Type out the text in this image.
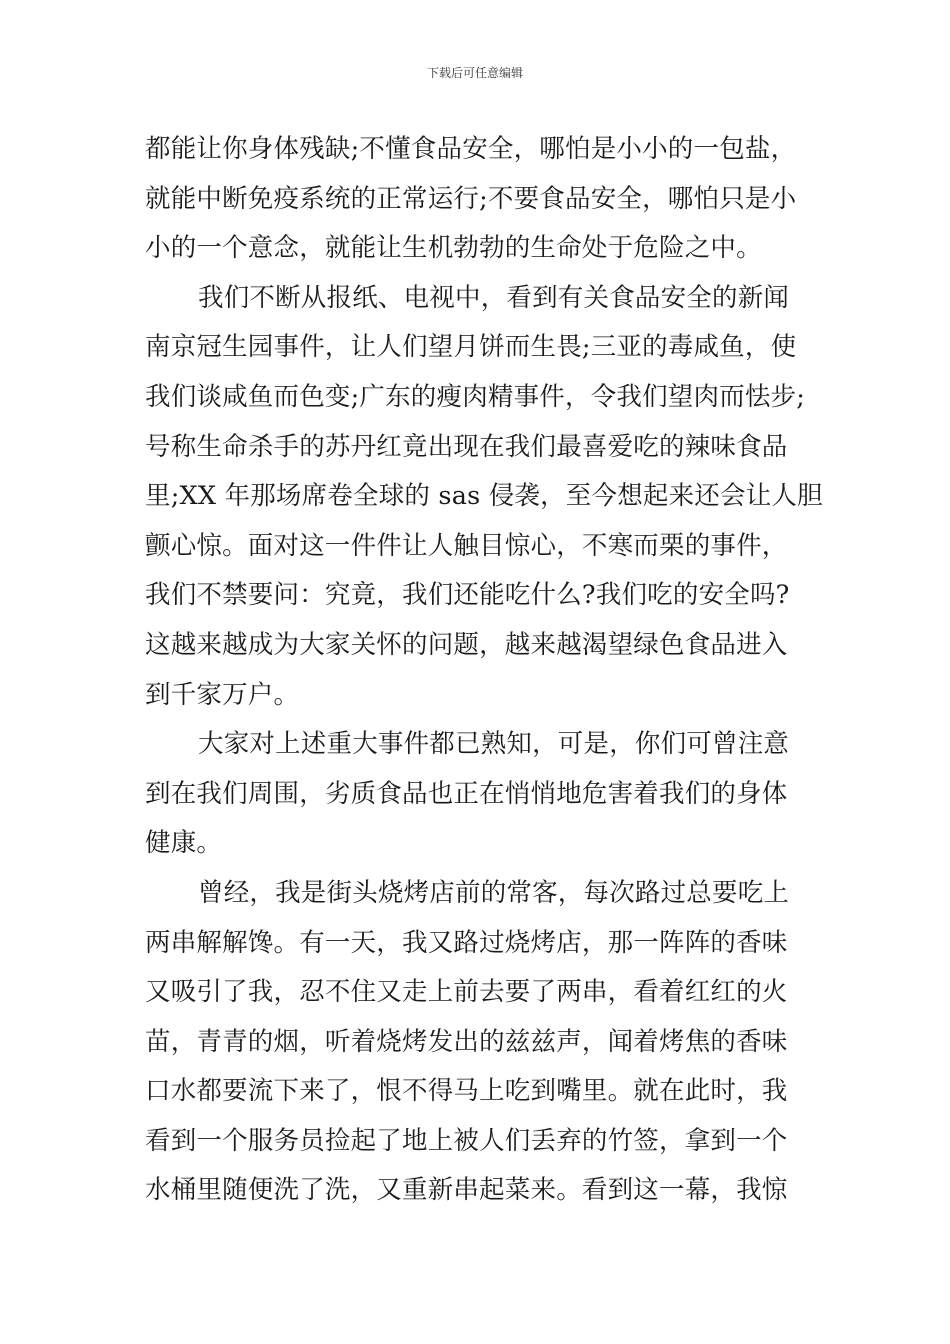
下载后可任意编辑
都能让你身体残缺;不懂食品安全，哪怕是小小的一包盐，
就能中断免疫系统的正常运行;不要食品安全，哪怕只是小
小的一个意念，就能让生机勃勃的生命处于危险之中。
我们不断从报纸、电视中，看到有关食品安全的新闻
南京冠生园事件，让人们望月饼而生畏;三亚的毒咸鱼，使
我们谈咸鱼而色变;广东的瘦肉精事件，令我们望肉而怯步;
号称生命杀手的苏丹红竟出现在我们最喜爱吃的辣味食品
里;XX 年那场席卷全球的 sas 侵袭，至今想起来还会让人胆
颤心惊。面对这一件件让人触目惊心，不寒而栗的事件，
我们不禁要问：究竟，我们还能吃什么?我们吃的安全吗?
这越来越成为大家关怀的问题，越来越渴望绿色食品进入
到千家万户。
大家对上述重大事件都已熟知，可是，你们可曾注意
到在我们周围，劣质食品也正在悄悄地危害着我们的身体
健康。
曾经，我是街头烧烤店前的常客，每次路过总要吃上
两串解解馋。有一天，我又路过烧烤店，那一阵阵的香味
又吸引了我，忍不住又走上前去要了两串，看着红红的火
苗，青青的烟，听着烧烤发出的兹兹声，闻着烤焦的香味
口水都要流下来了，恨不得马上吃到嘴里。就在此时，我
看到一个服务员捡起了地上被人们丢弃的竹签，拿到一个
水桶里随便洗了洗，又重新串起菜来。看到这一幕，我惊
